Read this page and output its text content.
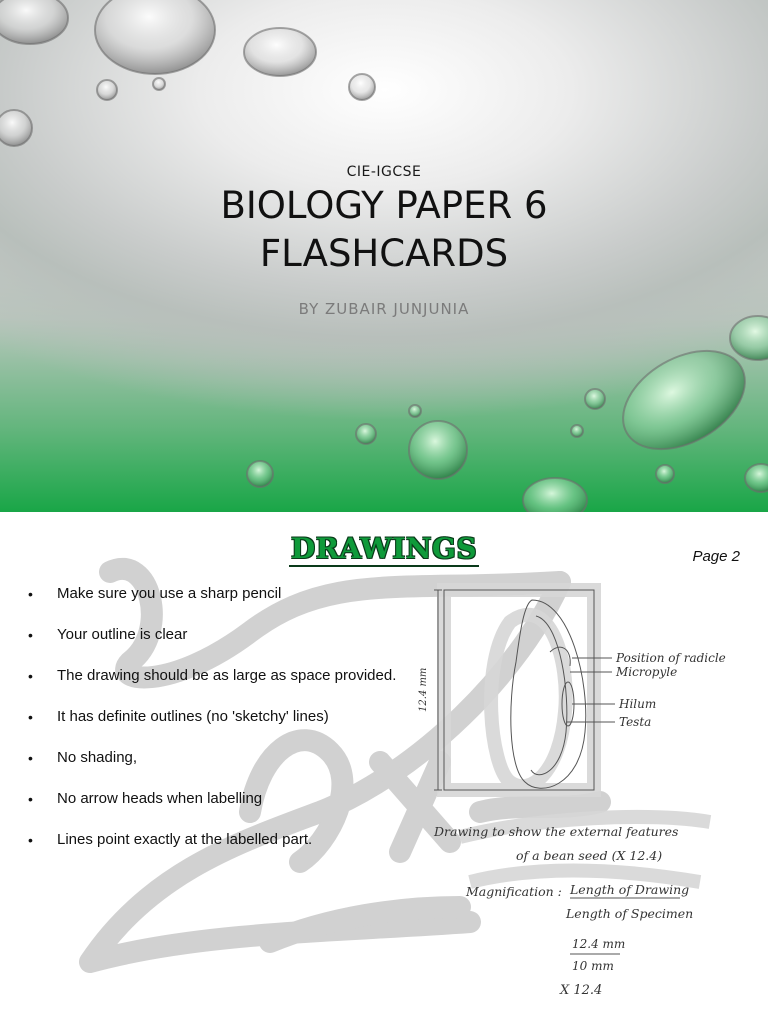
CIE-IGCSE
BIOLOGY PAPER 6
FLASHCARDS
BY ZUBAIR JUNJUNIA
Position of radicle
Micropyle
Hilum
Testa
12.4 mm
Drawing to show the external features
of a bean seed (X 12.4)
Magnification : Length of Drawing
Length of Specimen
12.4 mm
10 mm
X 12.4
DRAWINGS	Page 2
• Make sure you use a sharp pencil
• Your outline is clear
• The drawing should be as large as space provided.
• It has definite outlines (no 'sketchy' lines)
• No shading,
• No arrow heads when labelling
• Lines point exactly at the labelled part.
